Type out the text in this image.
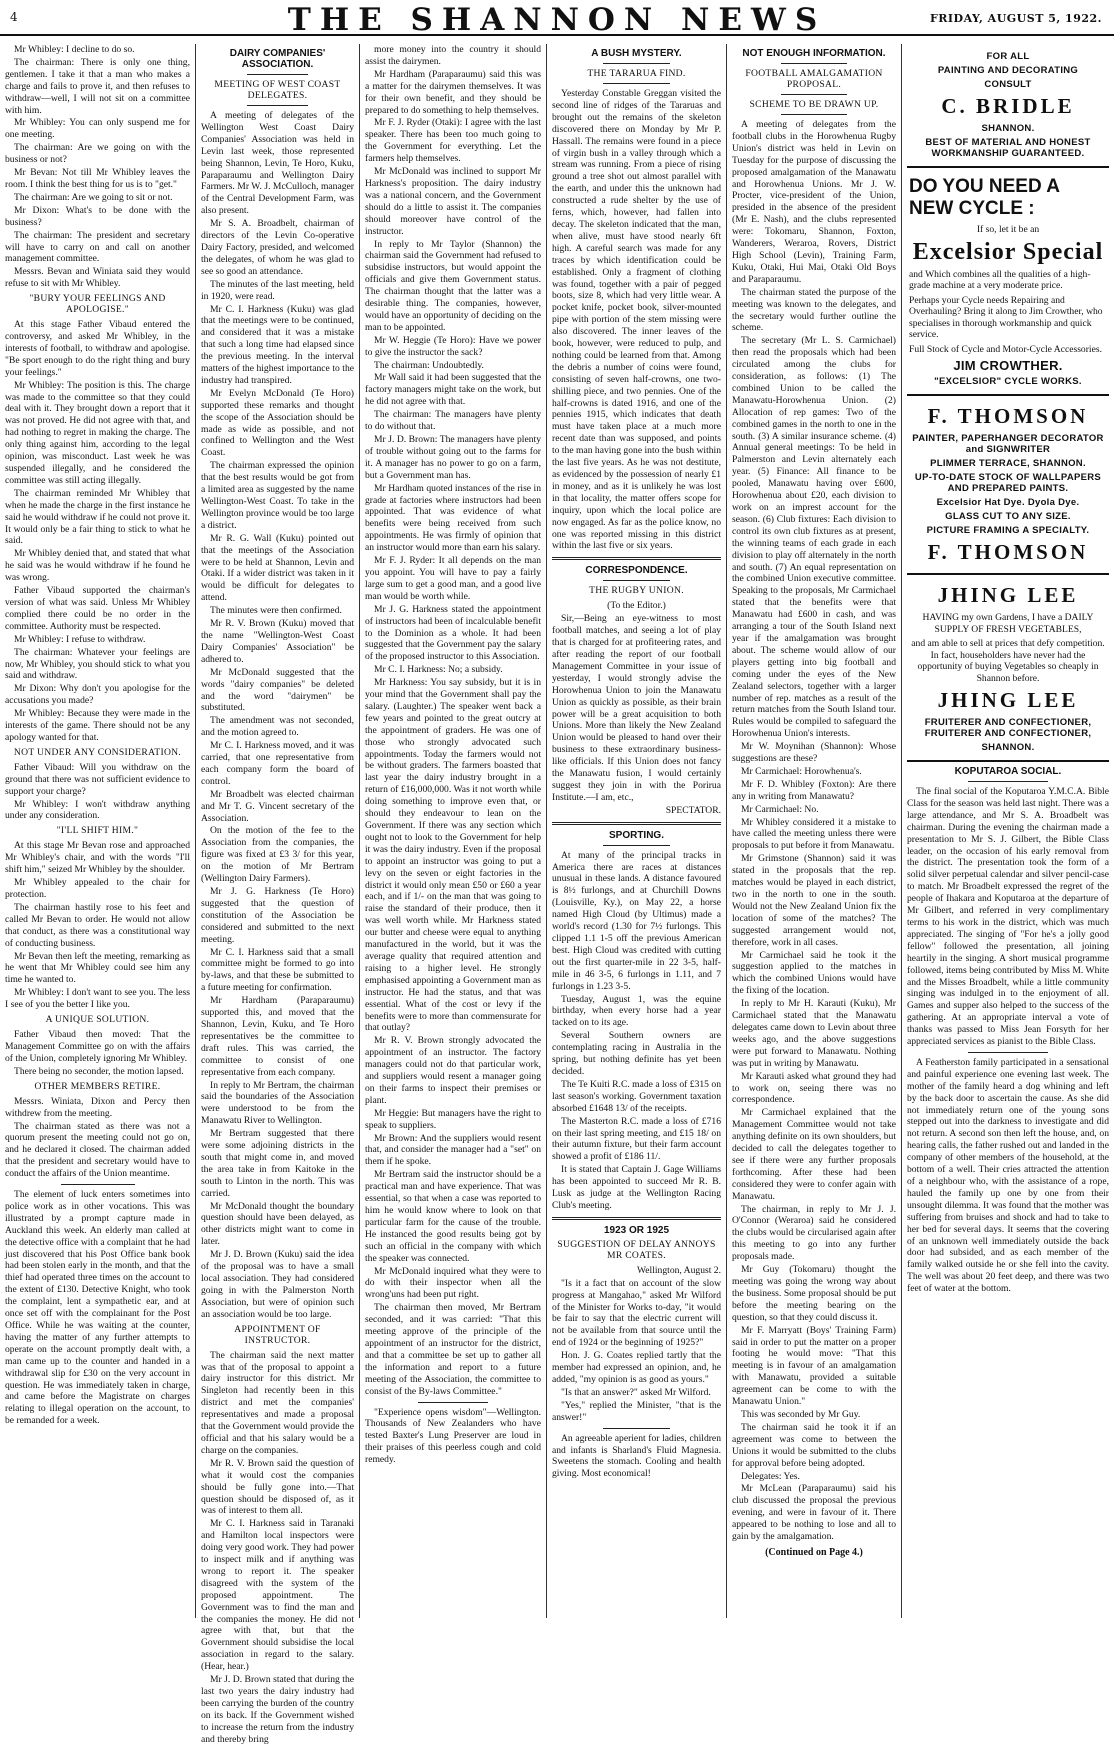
4	THE SHANNON NEWS	FRIDAY, AUGUST 5, 1922.

Mr Whibley: I decline to do so.

The chairman: There is only one thing, gentlemen. I take it that a man who makes a charge and fails to prove it, and then refuses to withdraw—well, I will not sit on a committee with him.

Mr Whibley: You can only suspend me for one meeting.

The chairman: Are we going on with the business or not?

Mr Bevan: Not till Mr Whibley leaves the room. I think the best thing for us is to "get."

The chairman: Are we going to sit or not.

Mr Dixon: What's to be done with the business?

The chairman: The president and secretary will have to carry on and call on another management committee.

Messrs. Bevan and Winiata said they would refuse to sit with Mr Whibley.

"BURY YOUR FEELINGS AND APOLOGISE."

At this stage Father Vibaud entered the controversy, and asked Mr Whibley, in the interests of football, to withdraw and apologise. "Be sport enough to do the right thing and bury your feelings."

Mr Whibley: The position is this. The charge was made to the committee so that they could deal with it. They brought down a report that it was not proved. He did not agree with that, and had nothing to regret in making the charge. The only thing against him, according to the legal opinion, was misconduct. Last week he was suspended illegally, and he considered the committee was still acting illegally.

The chairman reminded Mr Whibley that when he made the charge in the first instance he said he would withdraw if he could not prove it. It would only be a fair thing to stick to what he said.

Mr Whibley denied that, and stated that what he said was he would withdraw if he found he was wrong.

Father Vibaud supported the chairman's version of what was said. Unless Mr Whibley complied there could be no order in the committee. Authority must be respected.

Mr Whibley: I refuse to withdraw.

The chairman: Whatever your feelings are now, Mr Whibley, you should stick to what you said and withdraw.

Mr Dixon: Why don't you apologise for the accusations you made?

Mr Whibley: Because they were made in the interests of the game. There should not be any apology wanted for that.

NOT UNDER ANY CONSIDERATION.

Father Vibaud: Will you withdraw on the ground that there was not sufficient evidence to support your charge?

Mr Whibley: I won't withdraw anything under any consideration.

"I'LL SHIFT HIM."

At this stage Mr Bevan rose and approached Mr Whibley's chair, and with the words "I'll shift him," seized Mr Whibley by the shoulder.

Mr Whibley appealed to the chair for protection.

The chairman hastily rose to his feet and called Mr Bevan to order. He would not allow that conduct, as there was a constitutional way of conducting business.

Mr Bevan then left the meeting, remarking as he went that Mr Whibley could see him any time he wanted to.

Mr Whibley: I don't want to see you. The less I see of you the better I like you.

A UNIQUE SOLUTION.

Father Vibaud then moved: That the Management Committee go on with the affairs of the Union, completely ignoring Mr Whibley.

There being no seconder, the motion lapsed.

OTHER MEMBERS RETIRE.

Messrs. Winiata, Dixon and Percy then withdrew from the meeting.

The chairman stated as there was not a quorum present the meeting could not go on, and he declared it closed. The chairman added that the president and secretary would have to conduct the affairs of the Union meantime.

The element of luck enters sometimes into police work as in other vocations. This was illustrated by a prompt capture made in Auckland this week. An elderly man called at the detective office with a complaint that he had just discovered that his Post Office bank book had been stolen early in the month, and that the thief had operated three times on the account to the extent of £130. Detective Knight, who took the complaint, lent a sympathetic ear, and at once set off with the complainant for the Post Office. While he was waiting at the counter, having the matter of any further attempts to operate on the account promptly dealt with, a man came up to the counter and handed in a withdrawal slip for £30 on the very account in question. He was immediately taken in charge, and came before the Magistrate on charges relating to illegal operation on the account, to be remanded for a week.

DAIRY COMPANIES' ASSOCIATION.
MEETING OF WEST COAST DELEGATES.

A meeting of delegates of the Wellington West Coast Dairy Companies' Association was held in Levin last week, those represented being Shannon, Levin, Te Horo, Kuku, Paraparaumu and Wellington Dairy Farmers. Mr W. J. McCulloch, manager of the Central Development Farm, was also present.

Mr S. A. Broadbelt, chairman of directors of the Levin Co-operative Dairy Factory, presided, and welcomed the delegates, of whom he was glad to see so good an attendance.

The minutes of the last meeting, held in 1920, were read.

Mr C. I. Harkness (Kuku) was glad that the meetings were to be continued, and considered that it was a mistake that such a long time had elapsed since the previous meeting. In the interval matters of the highest importance to the industry had transpired.

Mr Evelyn McDonald (Te Horo) supported these remarks and thought the scope of the Association should be made as wide as possible, and not confined to Wellington and the West Coast.

The chairman expressed the opinion that the best results would be got from a limited area as suggested by the name Wellington-West Coast. To take in the Wellington province would be too large a district.

Mr R. G. Wall (Kuku) pointed out that the meetings of the Association were to be held at Shannon, Levin and Otaki. If a wider district was taken in it would be difficult for delegates to attend.

The minutes were then confirmed.

Mr R. V. Brown (Kuku) moved that the name "Wellington-West Coast Dairy Companies' Association" be adhered to.

Mr McDonald suggested that the words "dairy companies" be deleted and the word "dairymen" be substituted.

The amendment was not seconded, and the motion agreed to.

Mr C. I. Harkness moved, and it was carried, that one representative from each company form the board of control.

Mr Broadbelt was elected chairman and Mr T. G. Vincent secretary of the Association.

On the motion of the fee to the Association from the companies, the figure was fixed at £3 3/ for this year, on the motion of Mr Bertram (Wellington Dairy Farmers).

Mr J. G. Harkness (Te Horo) suggested that the question of constitution of the Association be considered and submitted to the next meeting.

Mr C. I. Harkness said that a small committee might be formed to go into by-laws, and that these be submitted to a future meeting for confirmation.

Mr Hardham (Paraparaumu) supported this, and moved that the Shannon, Levin, Kuku, and Te Horo representatives be the committee to draft rules. This was carried, the committee to consist of one representative from each company.

In reply to Mr Bertram, the chairman said the boundaries of the Association were understood to be from the Manawatu River to Wellington.

Mr Bertram suggested that there were some adjoining districts in the south that might come in, and moved the area take in from Kaitoke in the south to Linton in the north. This was carried.

Mr McDonald thought the boundary question should have been delayed, as other districts might want to come in later.

Mr J. D. Brown (Kuku) said the idea of the proposal was to have a small local association. They had considered going in with the Palmerston North Association, but were of opinion such an association would be too large.

APPOINTMENT OF INSTRUCTOR.

The chairman said the next matter was that of the proposal to appoint a dairy instructor for this district. Mr Singleton had recently been in this district and met the companies' representatives and made a proposal that the Government would provide the official and that his salary would be a charge on the companies.

Mr R. V. Brown said the question of what it would cost the companies should be fully gone into.—That question should be disposed of, as it was of interest to them all.

Mr C. I. Harkness said in Taranaki and Hamilton local inspectors were doing very good work. They had power to inspect milk and if anything was wrong to report it. The speaker disagreed with the system of the proposed appointment. The Government was to find the man and the companies the money. He did not agree with that, but that the Government should subsidise the local association in regard to the salary. (Hear, hear.)

Mr J. D. Brown stated that during the last two years the dairy industry had been carrying the burden of the country on its back. If the Government wished to increase the return from the industry and thereby bring

more money into the country it should assist the dairymen.

Mr Hardham (Paraparaumu) said this was a matter for the dairymen themselves. It was for their own benefit, and they should be prepared to do something to help themselves.

Mr F. J. Ryder (Otaki): I agree with the last speaker. There has been too much going to the Government for everything. Let the farmers help themselves.

Mr McDonald was inclined to support Mr Harkness's proposition. The dairy industry was a national concern, and the Government should do a little to assist it. The companies should moreover have control of the instructor.

In reply to Mr Taylor (Shannon) the chairman said the Government had refused to subsidise instructors, but would appoint the officials and give them Government status. The chairman thought that the latter was a desirable thing. The companies, however, would have an opportunity of deciding on the man to be appointed.

Mr W. Heggie (Te Horo): Have we power to give the instructor the sack?

The chairman: Undoubtedly.

Mr Wall said it had been suggested that the factory managers might take on the work, but he did not agree with that.

The chairman: The managers have plenty to do without that.

Mr J. D. Brown: The managers have plenty of trouble without going out to the farms for it. A manager has no power to go on a farm, but a Government man has.

Mr Hardham quoted instances of the rise in grade at factories where instructors had been appointed. That was evidence of what benefits were being received from such appointments. He was firmly of opinion that an instructor would more than earn his salary.

Mr F. J. Ryder: It all depends on the man you appoint. You will have to pay a fairly large sum to get a good man, and a good live man would be worth while.

Mr J. G. Harkness stated the appointment of instructors had been of incalculable benefit to the Dominion as a whole. It had been suggested that the Government pay the salary of the proposed instructor to this Association.

Mr C. I. Harkness: No; a subsidy.

Mr Harkness: You say subsidy, but it is in your mind that the Government shall pay the salary. (Laughter.) The speaker went back a few years and pointed to the great outcry at the appointment of graders. He was one of those who strongly advocated such appointments. Today the farmers would not be without graders. The farmers boasted that last year the dairy industry brought in a return of £16,000,000. Was it not worth while doing something to improve even that, or should they endeavour to lean on the Government. If there was any section which ought not to look to the Government for help it was the dairy industry. Even if the proposal to appoint an instructor was going to put a levy on the seven or eight factories in the district it would only mean £50 or £60 a year each, and if 1/- on the man that was going to raise the standard of their produce, then it was well worth while. Mr Harkness stated our butter and cheese were equal to anything manufactured in the world, but it was the average quality that required attention and raising to a higher level. He strongly emphasised appointing a Government man as instructor. He had the status, and that was essential. What of the cost or levy if the benefits were to more than commensurate for that outlay?

Mr R. V. Brown strongly advocated the appointment of an instructor. The factory managers could not do that particular work, and suppliers would resent a manager going on their farms to inspect their premises or plant.

Mr Heggie: But managers have the right to speak to suppliers.

Mr Brown: And the suppliers would resent that, and consider the manager had a "set" on them if he spoke.

Mr Bertram said the instructor should be a practical man and have experience. That was essential, so that when a case was reported to him he would know where to look on that particular farm for the cause of the trouble. He instanced the good results being got by such an official in the company with which the speaker was connected.

Mr McDonald inquired what they were to do with their inspector when all the wrong'uns had been put right.

The chairman then moved, Mr Bertram seconded, and it was carried: "That this meeting approve of the principle of the appointment of an instructor for the district, and that a committee be set up to gather all the information and report to a future meeting of the Association, the committee to consist of the By-laws Committee."

"Experience opens wisdom"—Wellington. Thousands of New Zealanders who have tested Baxter's Lung Preserver are loud in their praises of this peerless cough and cold remedy.

A BUSH MYSTERY.
THE TARARUA FIND.

Yesterday Constable Greggan visited the second line of ridges of the Tararuas and brought out the remains of the skeleton discovered there on Monday by Mr P. Hassall. The remains were found in a piece of virgin bush in a valley through which a stream was running. From a piece of rising ground a tree shot out almost parallel with the earth, and under this the unknown had constructed a rude shelter by the use of ferns, which, however, had fallen into decay. The skeleton indicated that the man, when alive, must have stood nearly 6ft high. A careful search was made for any traces by which identification could be established. Only a fragment of clothing was found, together with a pair of pegged boots, size 8, which had very little wear. A pocket knife, pocket book, silver-mounted pipe with portion of the stem missing were also discovered. The inner leaves of the book, however, were reduced to pulp, and nothing could be learned from that. Among the debris a number of coins were found, consisting of seven half-crowns, one two-shilling piece, and two pennies. One of the half-crowns is dated 1916, and one of the pennies 1915, which indicates that death must have taken place at a much more recent date than was supposed, and points to the man having gone into the bush within the last five years. As he was not destitute, as evidenced by the possession of nearly £1 in money, and as it is unlikely he was lost in that locality, the matter offers scope for inquiry, upon which the local police are now engaged. As far as the police know, no one was reported missing in this district within the last five or six years.

CORRESPONDENCE.
THE RUGBY UNION.

(To the Editor.)

Sir,—Being an eye-witness to most football matches, and seeing a lot of play that is charged for at profiteering rates, and after reading the report of our football Management Committee in your issue of yesterday, I would strongly advise the Horowhenua Union to join the Manawatu Union as quickly as possible, as their brain power will be a great acquisition to both Unions. More than likely the New Zealand Union would be pleased to hand over their business to these extraordinary business-like officials. If this Union does not fancy the Manawatu fusion, I would certainly suggest they join in with the Porirua Institute.—I am, etc.,

SPECTATOR.

SPORTING.

At many of the principal tracks in America there are races at distances unusual in these lands. A distance favoured is 8½ furlongs, and at Churchill Downs (Louisville, Ky.), on May 22, a horse named High Cloud (by Ultimus) made a world's record (1.30 for 7½ furlongs. This clipped 1.1 1-5 off the previous American best. High Cloud was credited with cutting out the first quarter-mile in 22 3-5, half-mile in 46 3-5, 6 furlongs in 1.11, and 7 furlongs in 1.23 3-5.

Tuesday, August 1, was the equine birthday, when every horse had a year tacked on to its age.

Several Southern owners are contemplating racing in Australia in the spring, but nothing definite has yet been decided.

The Te Kuiti R.C. made a loss of £315 on last season's working. Government taxation absorbed £1648 13/ of the receipts.

The Masterton R.C. made a loss of £716 on their last spring meeting, and £15 18/ on their autumn fixture, but their farm account showed a profit of £186 11/.

It is stated that Captain J. Gage Williams has been appointed to succeed Mr R. B. Lusk as judge at the Wellington Racing Club's meeting.

1923 OR 1925
SUGGESTION OF DELAY ANNOYS MR COATES.

Wellington, August 2.

"Is it a fact that on account of the slow progress at Mangahao," asked Mr Wilford of the Minister for Works to-day, "it would be fair to say that the electric current will not be available from that source until the end of 1924 or the beginning of 1925?"

Hon. J. G. Coates replied tartly that the member had expressed an opinion, and, he added, "my opinion is as good as yours."

"Is that an answer?" asked Mr Wilford.

"Yes," replied the Minister, "that is the answer!"

An agreeable aperient for ladies, children and infants is Sharland's Fluid Magnesia. Sweetens the stomach. Cooling and health giving. Most economical!

NOT ENOUGH INFORMATION.
FOOTBALL AMALGAMATION PROPOSAL.
SCHEME TO BE DRAWN UP.

A meeting of delegates from the football clubs in the Horowhenua Rugby Union's district was held in Levin on Tuesday for the purpose of discussing the proposed amalgamation of the Manawatu and Horowhenua Unions. Mr J. W. Procter, vice-president of the Union, presided in the absence of the president (Mr E. Nash), and the clubs represented were: Tokomaru, Shannon, Foxton, Wanderers, Weraroa, Rovers, District High School (Levin), Training Farm, Kuku, Otaki, Hui Mai, Otaki Old Boys and Paraparaumu.

The chairman stated the purpose of the meeting was known to the delegates, and the secretary would further outline the scheme.

The secretary (Mr L. S. Carmichael) then read the proposals which had been circulated among the clubs for consideration, as follows: (1) The combined Union to be called the Manawatu-Horowhenua Union. (2) Allocation of rep games: Two of the combined games in the north to one in the south. (3) A similar insurance scheme. (4) Annual general meetings: To be held in Palmerston and Levin alternately each year. (5) Finance: All finance to be pooled, Manawatu having over £600, Horowhenua about £20, each division to work on an imprest account for the season. (6) Club fixtures: Each division to control its own club fixtures as at present, the winning teams of each grade in each division to play off alternately in the north and south. (7) An equal representation on the combined Union executive committee. Speaking to the proposals, Mr Carmichael stated that the benefits were that Manawatu had £600 in cash, and was arranging a tour of the South Island next year if the amalgamation was brought about. The scheme would allow of our players getting into big football and coming under the eyes of the New Zealand selectors, together with a larger number of rep. matches as a result of the return matches from the South Island tour. Rules would be compiled to safeguard the Horowhenua Union's interests.

Mr W. Moynihan (Shannon): Whose suggestions are these?

Mr Carmichael: Horowhenua's.

Mr F. D. Whibley (Foxton): Are there any in writing from Manawatu?

Mr Carmichael: No.

Mr Whibley considered it a mistake to have called the meeting unless there were proposals to put before it from Manawatu.

Mr Grimstone (Shannon) said it was stated in the proposals that the rep. matches would be played in each district, two in the north to one in the south. Would not the New Zealand Union fix the location of some of the matches? The suggested arrangement would not, therefore, work in all cases.

Mr Carmichael said he took it the suggestion applied to the matches in which the combined Unions would have the fixing of the location.

In reply to Mr H. Karauti (Kuku), Mr Carmichael stated that the Manawatu delegates came down to Levin about three weeks ago, and the above suggestions were put forward to Manawatu. Nothing was put in writing by Manawatu.

Mr Karauti asked what ground they had to work on, seeing there was no correspondence.

Mr Carmichael explained that the Management Committee would not take anything definite on its own shoulders, but decided to call the delegates together to see if there were any further proposals forthcoming. After these had been considered they were to confer again with Manawatu.

The chairman, in reply to Mr J. J. O'Connor (Weraroa) said he considered the clubs would be circularised again after this meeting to go into any further proposals made.

Mr Guy (Tokomaru) thought the meeting was going the wrong way about the business. Some proposal should be put before the meeting bearing on the question, so that they could discuss it.

Mr F. Marryatt (Boys' Training Farm) said in order to put the matter on a proper footing he would move: "That this meeting is in favour of an amalgamation with Manawatu, provided a suitable agreement can be come to with the Manawatu Union."

This was seconded by Mr Guy.

The chairman said he took it if an agreement was come to between the Unions it would be submitted to the clubs for approval before being adopted.

Delegates: Yes.

Mr McLean (Paraparaumu) said his club discussed the proposal the previous evening, and were in favour of it. There appeared to be nothing to lose and all to gain by the amalgamation.

(Continued on Page 4.)
FOR ALL
PAINTING AND DECORATING
CONSULT
C. BRIDLE
SHANNON.
BEST OF MATERIAL AND HONEST WORKMANSHIP GUARANTEED.
DO YOU NEED A NEW CYCLE :
If so, let it be an
Excelsior Special
and Which combines all the qualities of a high-grade machine at a very moderate price.
Perhaps your Cycle needs Repairing and Overhauling? Bring it along to Jim Crowther, who specialises in thorough workmanship and quick service.
Full Stock of Cycle and Motor-Cycle Accessories.
JIM CROWTHER.
"EXCELSIOR" CYCLE WORKS.
F. THOMSON
PAINTER, PAPERHANGER DECORATOR and SIGNWRITER
PLIMMER TERRACE, SHANNON.
UP-TO-DATE STOCK OF WALLPAPERS AND PREPARED PAINTS.
Excelsior Hat Dye. Dyola Dye.
GLASS CUT TO ANY SIZE.
PICTURE FRAMING A SPECIALTY.
F. THOMSON
JHING LEE
HAVING my own Gardens, I have a DAILY SUPPLY OF FRESH VEGETABLES,
and am able to sell at prices that defy competition. In fact, householders have never had the opportunity of buying Vegetables so cheaply in Shannon before.
JHING LEE
FRUITERER AND CONFECTIONER, FRUITERER AND CONFECTIONER,
SHANNON.
KOPUTAROA SOCIAL.

The final social of the Koputaroa Y.M.C.A. Bible Class for the season was held last night. There was a large attendance, and Mr S. A. Broadbelt was chairman. During the evening the chairman made a presentation to Mr S. J. Gilbert, the Bible Class leader, on the occasion of his early removal from the district. The presentation took the form of a solid silver perpetual calendar and silver pencil-case to match. Mr Broadbelt expressed the regret of the people of Ihakara and Koputaroa at the departure of Mr Gilbert, and referred in very complimentary terms to his work in the district, which was much appreciated. The singing of "For he's a jolly good fellow" followed the presentation, all joining heartily in the singing. A short musical programme followed, items being contributed by Miss M. White and the Misses Broadbelt, while a little community singing was indulged in to the enjoyment of all. Games and supper also helped to the success of the gathering. At an appropriate interval a vote of thanks was passed to Miss Jean Forsyth for her appreciated services as pianist to the Bible Class.

A Featherston family participated in a sensational and painful experience one evening last week. The mother of the family heard a dog whining and left by the back door to ascertain the cause. As she did not immediately return one of the young sons stepped out into the darkness to investigate and did not return. A second son then left the house, and, on hearing calls, the father rushed out and landed in the company of other members of the household, at the bottom of a well. Their cries attracted the attention of a neighbour who, with the assistance of a rope, hauled the family up one by one from their unsought dilemma. It was found that the mother was suffering from bruises and shock and had to take to her bed for several days. It seems that the covering of an unknown well immediately outside the back door had subsided, and as each member of the family walked outside he or she fell into the cavity. The well was about 20 feet deep, and there was two feet of water at the bottom.
